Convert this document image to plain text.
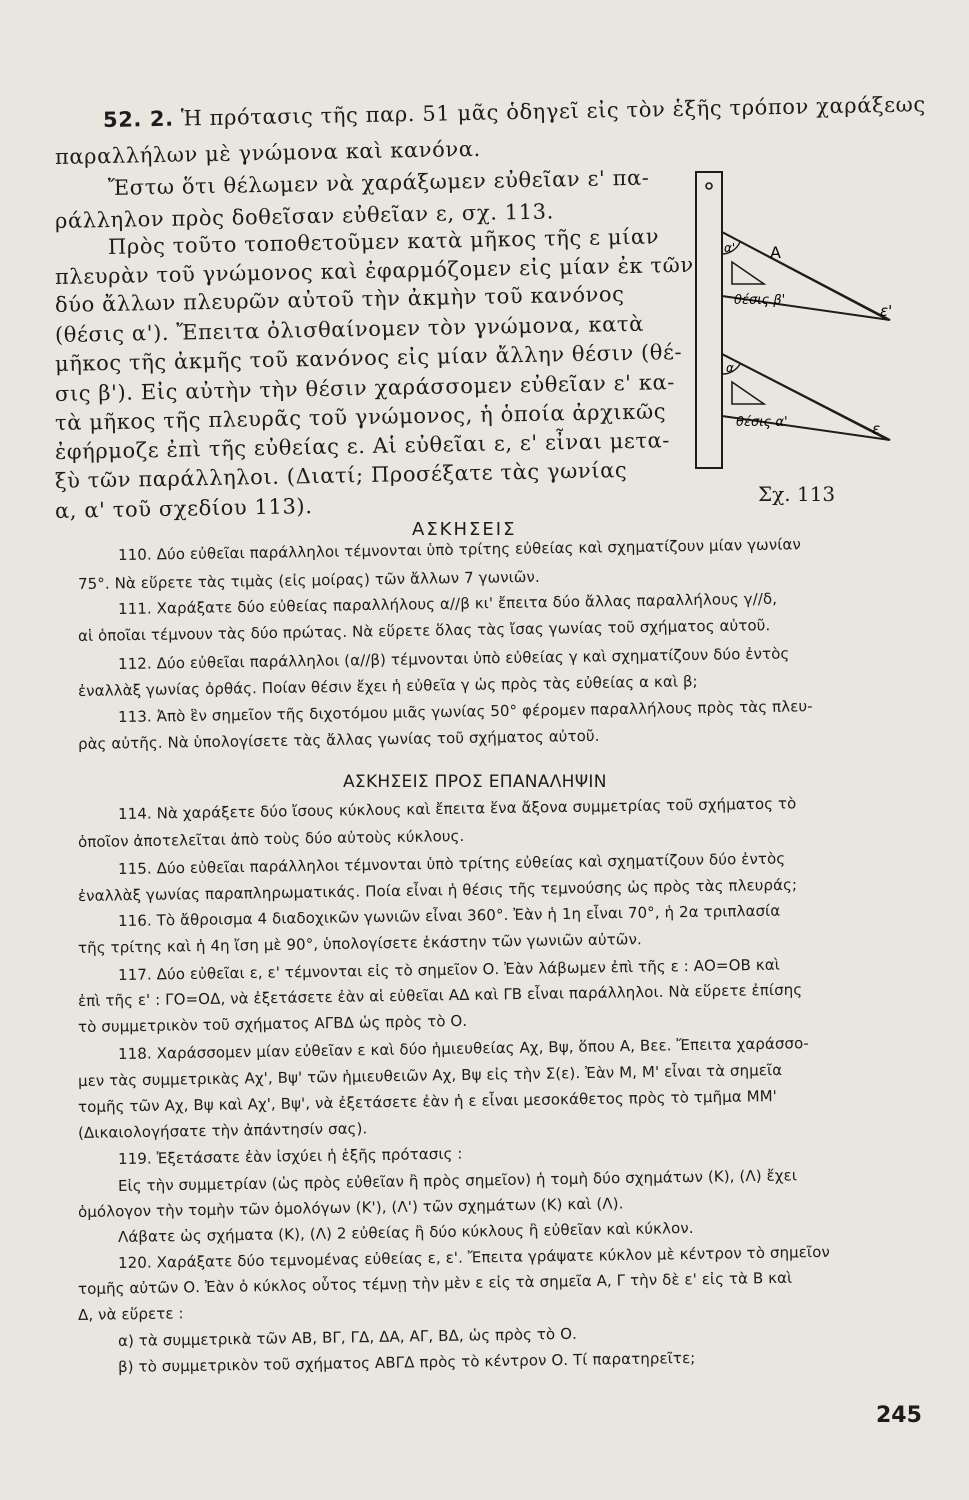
52. 2. Ἡ πρότασις τῆς παρ. 51 μᾶς ὁδηγεῖ εἰς τὸν ἑξῆς τρόπον χαράξεως
παραλλήλων μὲ γνώμονα καὶ κανόνα.
Ἔστω ὅτι θέλωμεν νὰ χαράξωμεν εὐθεῖαν ε' πα-
ράλληλον πρὸς δοθεῖσαν εὐθεῖαν ε, σχ. 113.
Πρὸς τοῦτο τοποθετοῦμεν κατὰ μῆκος τῆς ε μίαν
πλευρὰν τοῦ γνώμονος καὶ ἐφαρμόζομεν εἰς μίαν ἐκ τῶν
δύο ἄλλων πλευρῶν αὐτοῦ τὴν ἀκμὴν τοῦ κανόνος
(θέσις α'). Ἔπειτα ὀλισθαίνομεν τὸν γνώμονα, κατὰ
μῆκος τῆς ἀκμῆς τοῦ κανόνος εἰς μίαν ἄλλην θέσιν (θέ-
σις β'). Εἰς αὐτὴν τὴν θέσιν χαράσσομεν εὐθεῖαν ε' κα-
τὰ μῆκος τῆς πλευρᾶς τοῦ γνώμονος, ἡ ὁποία ἀρχικῶς
ἐφήρμοζε ἐπὶ τῆς εὐθείας ε. Αἱ εὐθεῖαι ε, ε' εἶναι μετα-
ξὺ τῶν παράλληλοι. (Διατί; Προσέξατε τὰς γωνίας
α, α' τοῦ σχεδίου 113).
α'
α
A
θέσις β'
θέσις α'
ε'
ε
Σχ. 113
ΑΣΚΗΣΕΙΣ
110. Δύο εὐθεῖαι παράλληλοι τέμνονται ὑπὸ τρίτης εὐθείας καὶ σχηματίζουν μίαν γωνίαν
75°. Νὰ εὕρετε τὰς τιμὰς (εἰς μοίρας) τῶν ἄλλων 7 γωνιῶν.
111. Χαράξατε δύο εὐθείας παραλλήλους α//β κι' ἔπειτα δύο ἄλλας παραλλήλους γ//δ,
αἱ ὁποῖαι τέμνουν τὰς δύο πρώτας. Νὰ εὕρετε ὅλας τὰς ἴσας γωνίας τοῦ σχήματος αὐτοῦ.
112. Δύο εὐθεῖαι παράλληλοι (α//β) τέμνονται ὑπὸ εὐθείας γ καὶ σχηματίζουν δύο ἐντὸς
ἐναλλὰξ γωνίας ὀρθάς. Ποίαν θέσιν ἔχει ἡ εὐθεῖα γ ὡς πρὸς τὰς εὐθείας α καὶ β;
113. Ἀπὸ ἓν σημεῖον τῆς διχοτόμου μιᾶς γωνίας 50° φέρομεν παραλλήλους πρὸς τὰς πλευ-
ρὰς αὐτῆς. Νὰ ὑπολογίσετε τὰς ἄλλας γωνίας τοῦ σχήματος αὐτοῦ.
ΑΣΚΗΣΕΙΣ ΠΡΟΣ ΕΠΑΝΑΛΗΨΙΝ
114. Νὰ χαράξετε δύο ἴσους κύκλους καὶ ἔπειτα ἕνα ἄξονα συμμετρίας τοῦ σχήματος τὸ
ὁποῖον ἀποτελεῖται ἀπὸ τοὺς δύο αὐτοὺς κύκλους.
115. Δύο εὐθεῖαι παράλληλοι τέμνονται ὑπὸ τρίτης εὐθείας καὶ σχηματίζουν δύο ἐντὸς
ἐναλλὰξ γωνίας παραπληρωματικάς. Ποία εἶναι ἡ θέσις τῆς τεμνούσης ὡς πρὸς τὰς πλευράς;
116. Τὸ ἄθροισμα 4 διαδοχικῶν γωνιῶν εἶναι 360°. Ἐὰν ἡ 1η εἶναι 70°, ἡ 2α τριπλασία
τῆς τρίτης καὶ ἡ 4η ἴση μὲ 90°, ὑπολογίσετε ἑκάστην τῶν γωνιῶν αὐτῶν.
117. Δύο εὐθεῖαι ε, ε' τέμνονται εἰς τὸ σημεῖον Ο. Ἐὰν λάβωμεν ἐπὶ τῆς ε : ΑΟ=ΟΒ καὶ
ἐπὶ τῆς ε' : ΓΟ=ΟΔ, νὰ ἐξετάσετε ἐὰν αἱ εὐθεῖαι ΑΔ καὶ ΓΒ εἶναι παράλληλοι. Νὰ εὕρετε ἐπίσης
τὸ συμμετρικὸν τοῦ σχήματος ΑΓΒΔ ὡς πρὸς τὸ Ο.
118. Χαράσσομεν μίαν εὐθεῖαν ε καὶ δύο ἡμιευθείας Αχ, Βψ, ὅπου Α, Βεε. Ἔπειτα χαράσσο-
μεν τὰς συμμετρικὰς Αχ', Βψ' τῶν ἡμιευθειῶν Αχ, Βψ εἰς τὴν Σ(ε). Ἐὰν Μ, Μ' εἶναι τὰ σημεῖα
τομῆς τῶν Αχ, Βψ καὶ Αχ', Βψ', νὰ ἐξετάσετε ἐὰν ἡ ε εἶναι μεσοκάθετος πρὸς τὸ τμῆμα ΜΜ'
(Δικαιολογήσατε τὴν ἀπάντησίν σας).
119. Ἐξετάσατε ἐὰν ἰσχύει ἡ ἑξῆς πρότασις :
Εἰς τὴν συμμετρίαν (ὡς πρὸς εὐθεῖαν ἢ πρὸς σημεῖον) ἡ τομὴ δύο σχημάτων (Κ), (Λ) ἔχει
ὁμόλογον τὴν τομὴν τῶν ὁμολόγων (Κ'), (Λ') τῶν σχημάτων (Κ) καὶ (Λ).
Λάβατε ὡς σχήματα (Κ), (Λ) 2 εὐθείας ἢ δύο κύκλους ἢ εὐθεῖαν καὶ κύκλον.
120. Χαράξατε δύο τεμνομένας εὐθείας ε, ε'. Ἔπειτα γράψατε κύκλον μὲ κέντρον τὸ σημεῖον
τομῆς αὐτῶν Ο. Ἐὰν ὁ κύκλος οὗτος τέμνῃ τὴν μὲν ε εἰς τὰ σημεῖα Α, Γ τὴν δὲ ε' εἰς τὰ Β καὶ
Δ, νὰ εὕρετε :
α) τὰ συμμετρικὰ τῶν ΑΒ, ΒΓ, ΓΔ, ΔΑ, ΑΓ, ΒΔ, ὡς πρὸς τὸ Ο.
β) τὸ συμμετρικὸν τοῦ σχήματος ΑΒΓΔ πρὸς τὸ κέντρον Ο. Τί παρατηρεῖτε;
245
